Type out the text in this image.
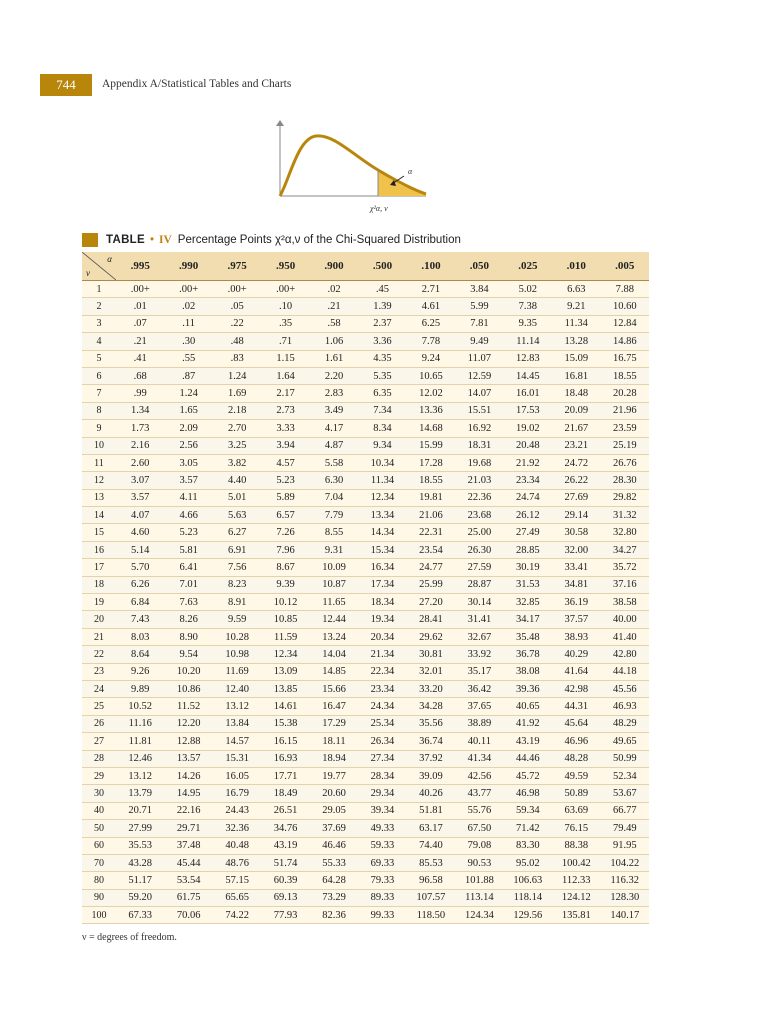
744	Appendix A/Statistical Tables and Charts
α
χ²α, ν
TABLE • IV Percentage Points χ²α,ν of the Chi-Squared Distribution
α
ν	.995	.990	.975	.950	.900	.500	.100	.050	.025	.010	.005
1	.00+	.00+	.00+	.00+	.02	.45	2.71	3.84	5.02	6.63	7.88
2	.01	.02	.05	.10	.21	1.39	4.61	5.99	7.38	9.21	10.60
3	.07	.11	.22	.35	.58	2.37	6.25	7.81	9.35	11.34	12.84
4	.21	.30	.48	.71	1.06	3.36	7.78	9.49	11.14	13.28	14.86
5	.41	.55	.83	1.15	1.61	4.35	9.24	11.07	12.83	15.09	16.75
6	.68	.87	1.24	1.64	2.20	5.35	10.65	12.59	14.45	16.81	18.55
7	.99	1.24	1.69	2.17	2.83	6.35	12.02	14.07	16.01	18.48	20.28
8	1.34	1.65	2.18	2.73	3.49	7.34	13.36	15.51	17.53	20.09	21.96
9	1.73	2.09	2.70	3.33	4.17	8.34	14.68	16.92	19.02	21.67	23.59
10	2.16	2.56	3.25	3.94	4.87	9.34	15.99	18.31	20.48	23.21	25.19
11	2.60	3.05	3.82	4.57	5.58	10.34	17.28	19.68	21.92	24.72	26.76
12	3.07	3.57	4.40	5.23	6.30	11.34	18.55	21.03	23.34	26.22	28.30
13	3.57	4.11	5.01	5.89	7.04	12.34	19.81	22.36	24.74	27.69	29.82
14	4.07	4.66	5.63	6.57	7.79	13.34	21.06	23.68	26.12	29.14	31.32
15	4.60	5.23	6.27	7.26	8.55	14.34	22.31	25.00	27.49	30.58	32.80
16	5.14	5.81	6.91	7.96	9.31	15.34	23.54	26.30	28.85	32.00	34.27
17	5.70	6.41	7.56	8.67	10.09	16.34	24.77	27.59	30.19	33.41	35.72
18	6.26	7.01	8.23	9.39	10.87	17.34	25.99	28.87	31.53	34.81	37.16
19	6.84	7.63	8.91	10.12	11.65	18.34	27.20	30.14	32.85	36.19	38.58
20	7.43	8.26	9.59	10.85	12.44	19.34	28.41	31.41	34.17	37.57	40.00
21	8.03	8.90	10.28	11.59	13.24	20.34	29.62	32.67	35.48	38.93	41.40
22	8.64	9.54	10.98	12.34	14.04	21.34	30.81	33.92	36.78	40.29	42.80
23	9.26	10.20	11.69	13.09	14.85	22.34	32.01	35.17	38.08	41.64	44.18
24	9.89	10.86	12.40	13.85	15.66	23.34	33.20	36.42	39.36	42.98	45.56
25	10.52	11.52	13.12	14.61	16.47	24.34	34.28	37.65	40.65	44.31	46.93
26	11.16	12.20	13.84	15.38	17.29	25.34	35.56	38.89	41.92	45.64	48.29
27	11.81	12.88	14.57	16.15	18.11	26.34	36.74	40.11	43.19	46.96	49.65
28	12.46	13.57	15.31	16.93	18.94	27.34	37.92	41.34	44.46	48.28	50.99
29	13.12	14.26	16.05	17.71	19.77	28.34	39.09	42.56	45.72	49.59	52.34
30	13.79	14.95	16.79	18.49	20.60	29.34	40.26	43.77	46.98	50.89	53.67
40	20.71	22.16	24.43	26.51	29.05	39.34	51.81	55.76	59.34	63.69	66.77
50	27.99	29.71	32.36	34.76	37.69	49.33	63.17	67.50	71.42	76.15	79.49
60	35.53	37.48	40.48	43.19	46.46	59.33	74.40	79.08	83.30	88.38	91.95
70	43.28	45.44	48.76	51.74	55.33	69.33	85.53	90.53	95.02	100.42	104.22
80	51.17	53.54	57.15	60.39	64.28	79.33	96.58	101.88	106.63	112.33	116.32
90	59.20	61.75	65.65	69.13	73.29	89.33	107.57	113.14	118.14	124.12	128.30
100	67.33	70.06	74.22	77.93	82.36	99.33	118.50	124.34	129.56	135.81	140.17
ν = degrees of freedom.
